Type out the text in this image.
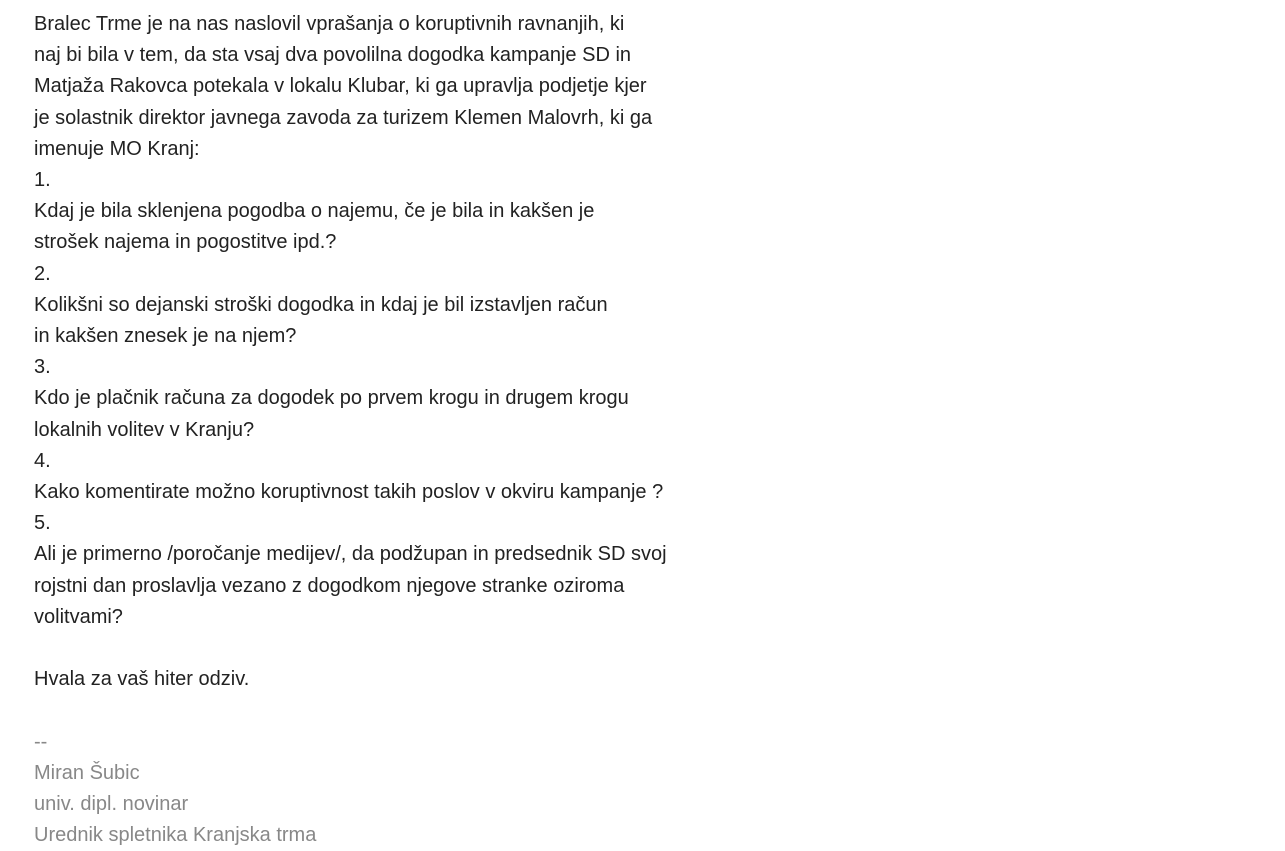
Bralec Trme je na nas naslovil vprašanja o koruptivnih ravnanjih, ki
naj bi bila v tem, da sta vsaj dva povolilna dogodka kampanje SD in
Matjaža Rakovca potekala v lokalu Klubar, ki ga upravlja podjetje kjer
je solastnik direktor javnega zavoda za turizem Klemen Malovrh, ki ga
imenuje MO Kranj:
1.
Kdaj je bila sklenjena pogodba o najemu, če je bila in kakšen je
strošek najema in pogostitve ipd.?
2.
Kolikšni so dejanski stroški dogodka in kdaj je bil izstavljen račun
in kakšen znesek je na njem?
3.
Kdo je plačnik računa za dogodek po prvem krogu in drugem krogu
lokalnih volitev v Kranju?
4.
Kako komentirate možno koruptivnost takih poslov v okviru kampanje ?
5.
Ali je primerno /poročanje medijev/, da podžupan in predsednik SD svoj
rojstni dan proslavlja vezano z dogodkom njegove stranke oziroma
volitvami?
Hvala za vaš hiter odziv.
--
Miran Šubic
univ. dipl. novinar
Urednik spletnika Kranjska trma
